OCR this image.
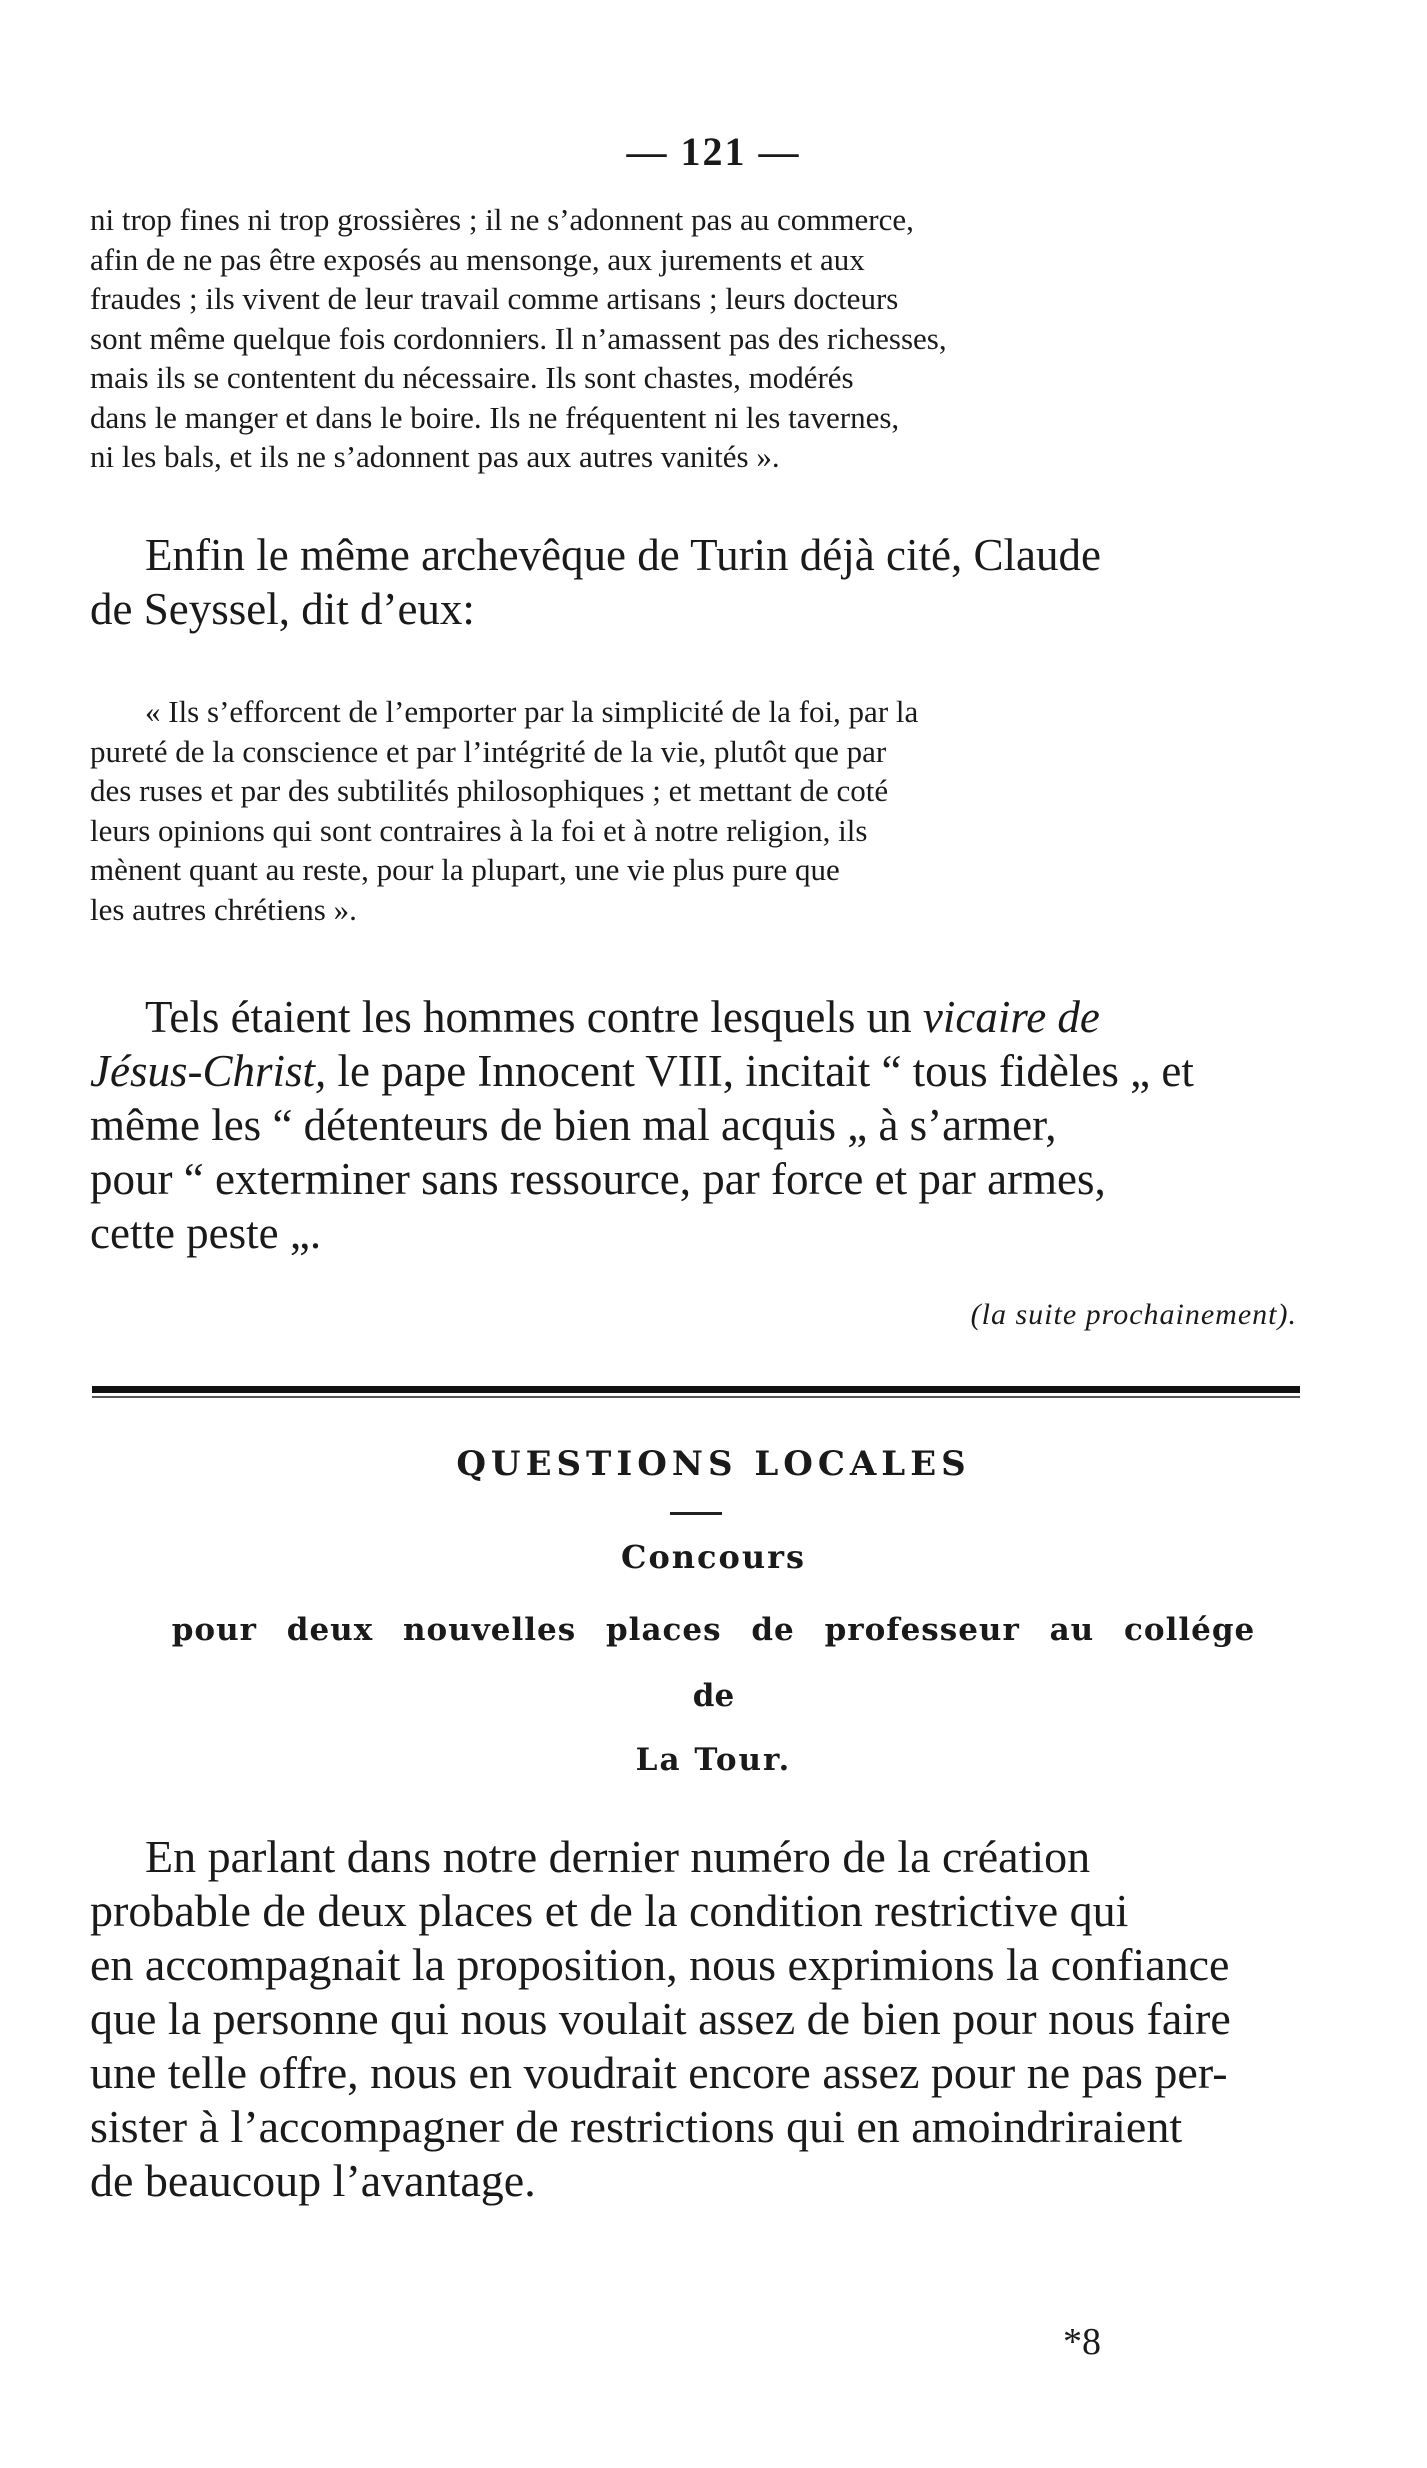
— 121 —

ni trop fines ni trop grossières ; il ne s’adonnent pas au commerce,

afin de ne pas être exposés au mensonge, aux jurements et aux

fraudes ; ils vivent de leur travail comme artisans ; leurs docteurs

sont même quelque fois cordonniers. Il n’amassent pas des richesses,

mais ils se contentent du nécessaire. Ils sont chastes, modérés

dans le manger et dans le boire. Ils ne fréquentent ni les tavernes,

ni les bals, et ils ne s’adonnent pas aux autres vanités ».

Enfin le même archevêque de Turin déjà cité, Claude

de Seyssel, dit d’eux:

« Ils s’efforcent de l’emporter par la simplicité de la foi, par la

pureté de la conscience et par l’intégrité de la vie, plutôt que par

des ruses et par des subtilités philosophiques ; et mettant de coté

leurs opinions qui sont contraires à la foi et à notre religion, ils

mènent quant au reste, pour la plupart, une vie plus pure que

les autres chrétiens ».

Tels étaient les hommes contre lesquels un vicaire de

Jésus-Christ, le pape Innocent VIII, incitait “ tous fidèles „ et

même les “ détenteurs de bien mal acquis „ à s’armer,

pour “ exterminer sans ressource, par force et par armes,

cette peste „.

(la suite prochainement).
QUESTIONS LOCALES
Concours
pour deux nouvelles places de professeur au collége
de
La Tour.

En parlant dans notre dernier numéro de la création

probable de deux places et de la condition restrictive qui

en accompagnait la proposition, nous exprimions la confiance

que la personne qui nous voulait assez de bien pour nous faire

une telle offre, nous en voudrait encore assez pour ne pas per-

sister à l’accompagner de restrictions qui en amoindriraient

de beaucoup l’avantage.

*8
